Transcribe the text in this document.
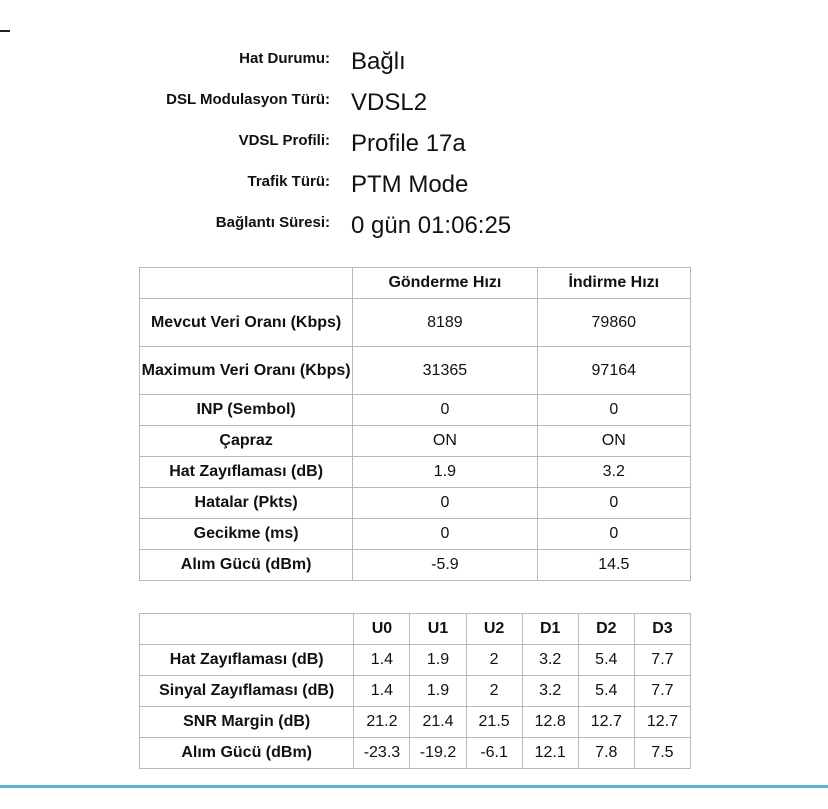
Hat Durumu: Bağlı
DSL Modulasyon Türü: VDSL2
VDSL Profili: Profile 17a
Trafik Türü: PTM Mode
Bağlantı Süresi: 0 gün 01:06:25
	Gönderme Hızı	İndirme Hızı
Mevcut Veri Oranı (Kbps)	8189	79860
Maximum Veri Oranı (Kbps)	31365	97164
INP (Sembol)	0	0
Çapraz	ON	ON
Hat Zayıflaması (dB)	1.9	3.2
Hatalar (Pkts)	0	0
Gecikme (ms)	0	0
Alım Gücü (dBm)	-5.9	14.5
	U0	U1	U2	D1	D2	D3
Hat Zayıflaması (dB)	1.4	1.9	2	3.2	5.4	7.7
Sinyal Zayıflaması (dB)	1.4	1.9	2	3.2	5.4	7.7
SNR Margin (dB)	21.2	21.4	21.5	12.8	12.7	12.7
Alım Gücü (dBm)	-23.3	-19.2	-6.1	12.1	7.8	7.5
